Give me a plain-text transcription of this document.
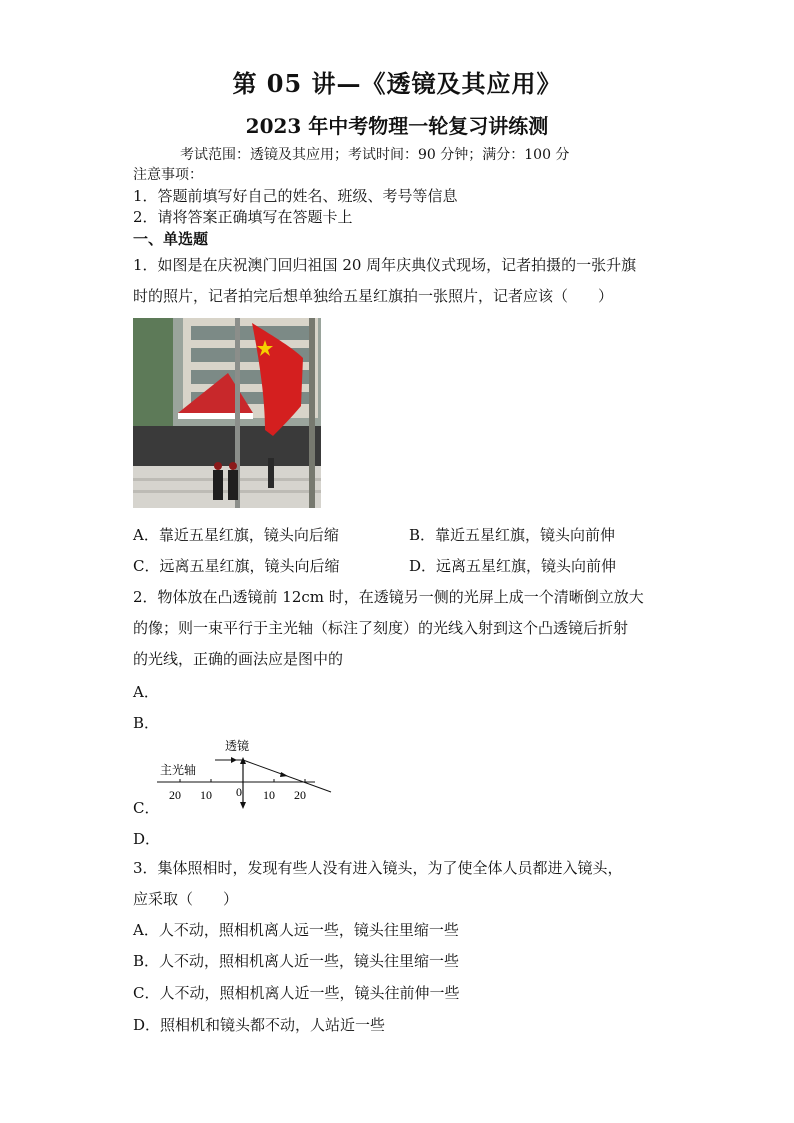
第 05 讲—《透镜及其应用》
2023 年中考物理一轮复习讲练测
考试范围：透镜及其应用；考试时间：90 分钟；满分：100 分
注意事项：
1．答题前填写好自己的姓名、班级、考号等信息
2．请将答案正确填写在答题卡上
一、单选题
1．如图是在庆祝澳门回归祖国 20 周年庆典仪式现场，记者拍摄的一张升旗
时的照片，记者拍完后想单独给五星红旗拍一张照片，记者应该（　　）
A．靠近五星红旗，镜头向后缩	B．靠近五星红旗，镜头向前伸
C．远离五星红旗，镜头向后缩	D．远离五星红旗，镜头向前伸
2．物体放在凸透镜前 12cm 时，在透镜另一侧的光屏上成一个清晰倒立放大
的像；则一束平行于主光轴（标注了刻度）的光线入射到这个凸透镜后折射
的光线，正确的画法应是图中的
A．
B．
透镜
主光轴
20 10 0 10 20
C．
D．
3．集体照相时，发现有些人没有进入镜头，为了使全体人员都进入镜头，
应采取（　　）
A．人不动，照相机离人远一些，镜头往里缩一些
B．人不动，照相机离人近一些，镜头往里缩一些
C．人不动，照相机离人近一些，镜头往前伸一些
D．照相机和镜头都不动，人站近一些
